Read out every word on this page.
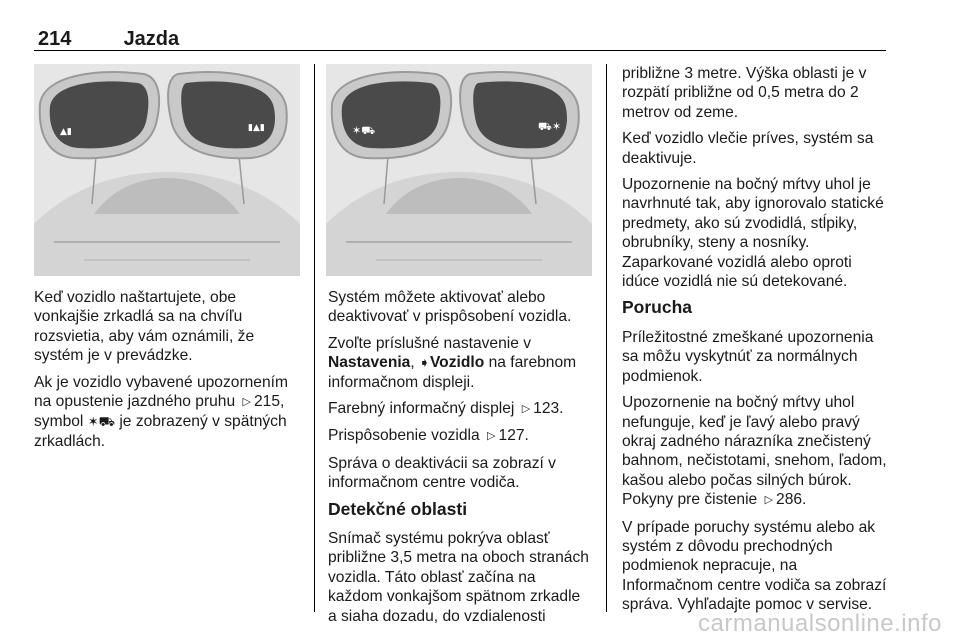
214	Jazda
▲▮	▮▲▮	✶⛟	⛟✶

Keď vozidlo naštartujete, obe vonkajšie zrkadlá sa na chvíľu rozsvietia, aby vám oznámili, že systém je v prevádzke.

Ak je vozidlo vybavené upozornením na opustenie jazdného pruhu ▷ 215, symbol ✶⛟ je zobrazený v spätných zrkadlách.

Systém môžete aktivovať alebo deaktivovať v prispôsobení vozidla.

Zvoľte príslušné nastavenie v
Nastavenia, ➧Vozidlo na farebnom informačnom displeji.

Farebný informačný displej ▷ 123.

Prispôsobenie vozidla ▷ 127.

Správa o deaktivácii sa zobrazí v informačnom centre vodiča.

Detekčné oblasti

Snímač systému pokrýva oblasť približne 3,5 metra na oboch stranách vozidla. Táto oblasť začína na každom vonkajšom spätnom zrkadle a siaha dozadu, do vzdialenosti

približne 3 metre. Výška oblasti je v rozpätí približne od 0,5 metra do 2 metrov od zeme.

Keď vozidlo vlečie príves, systém sa deaktivuje.

Upozornenie na bočný mŕtvy uhol je navrhnuté tak, aby ignorovalo statické predmety, ako sú zvodidlá, stĺpiky, obrubníky, steny a nosníky. Zaparkované vozidlá alebo oproti idúce vozidlá nie sú detekované.

Porucha

Príležitostné zmeškané upozornenia sa môžu vyskytnúť za normálnych podmienok.

Upozornenie na bočný mŕtvy uhol nefunguje, keď je ľavý alebo pravý okraj zadného nárazníka znečistený bahnom, nečistotami, snehom, ľadom, kašou alebo počas silných búrok. Pokyny pre čistenie ▷ 286.

V prípade poruchy systému alebo ak systém z dôvodu prechodných podmienok nepracuje, na Informačnom centre vodiča sa zobrazí správa. Vyhľadajte pomoc v servise.

carmanualsonline.info
